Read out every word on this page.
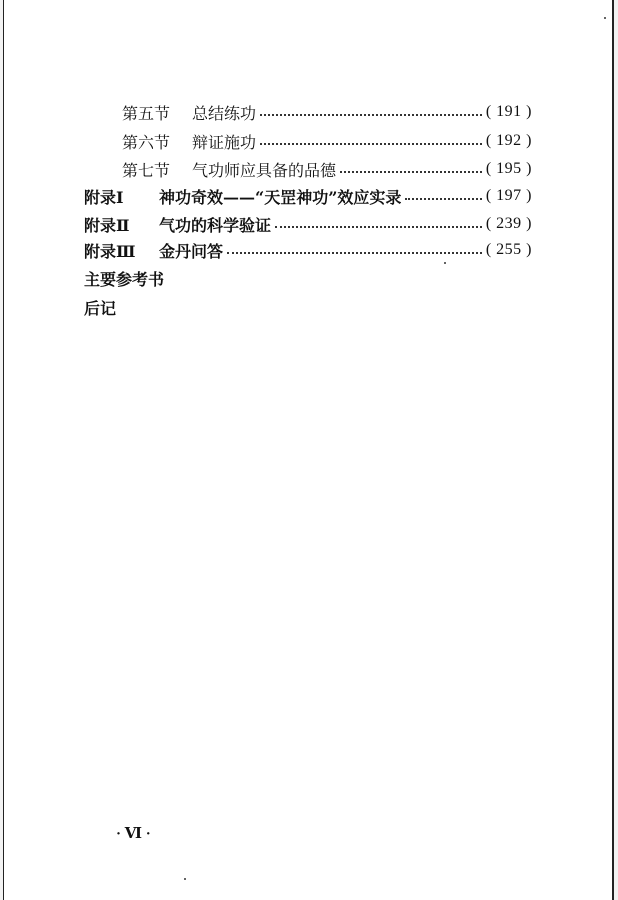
第五节	总结练功	( 191 )
第六节	辩证施功	( 192 )
第七节	气功师应具备的品德	( 195 )
附录Ⅰ	神功奇效——“天罡神功”效应实录	( 197 )
附录Ⅱ	气功的科学验证	( 239 )
附录Ⅲ	金丹问答	( 255 )
主要参考书
后记
· Ⅵ ·
